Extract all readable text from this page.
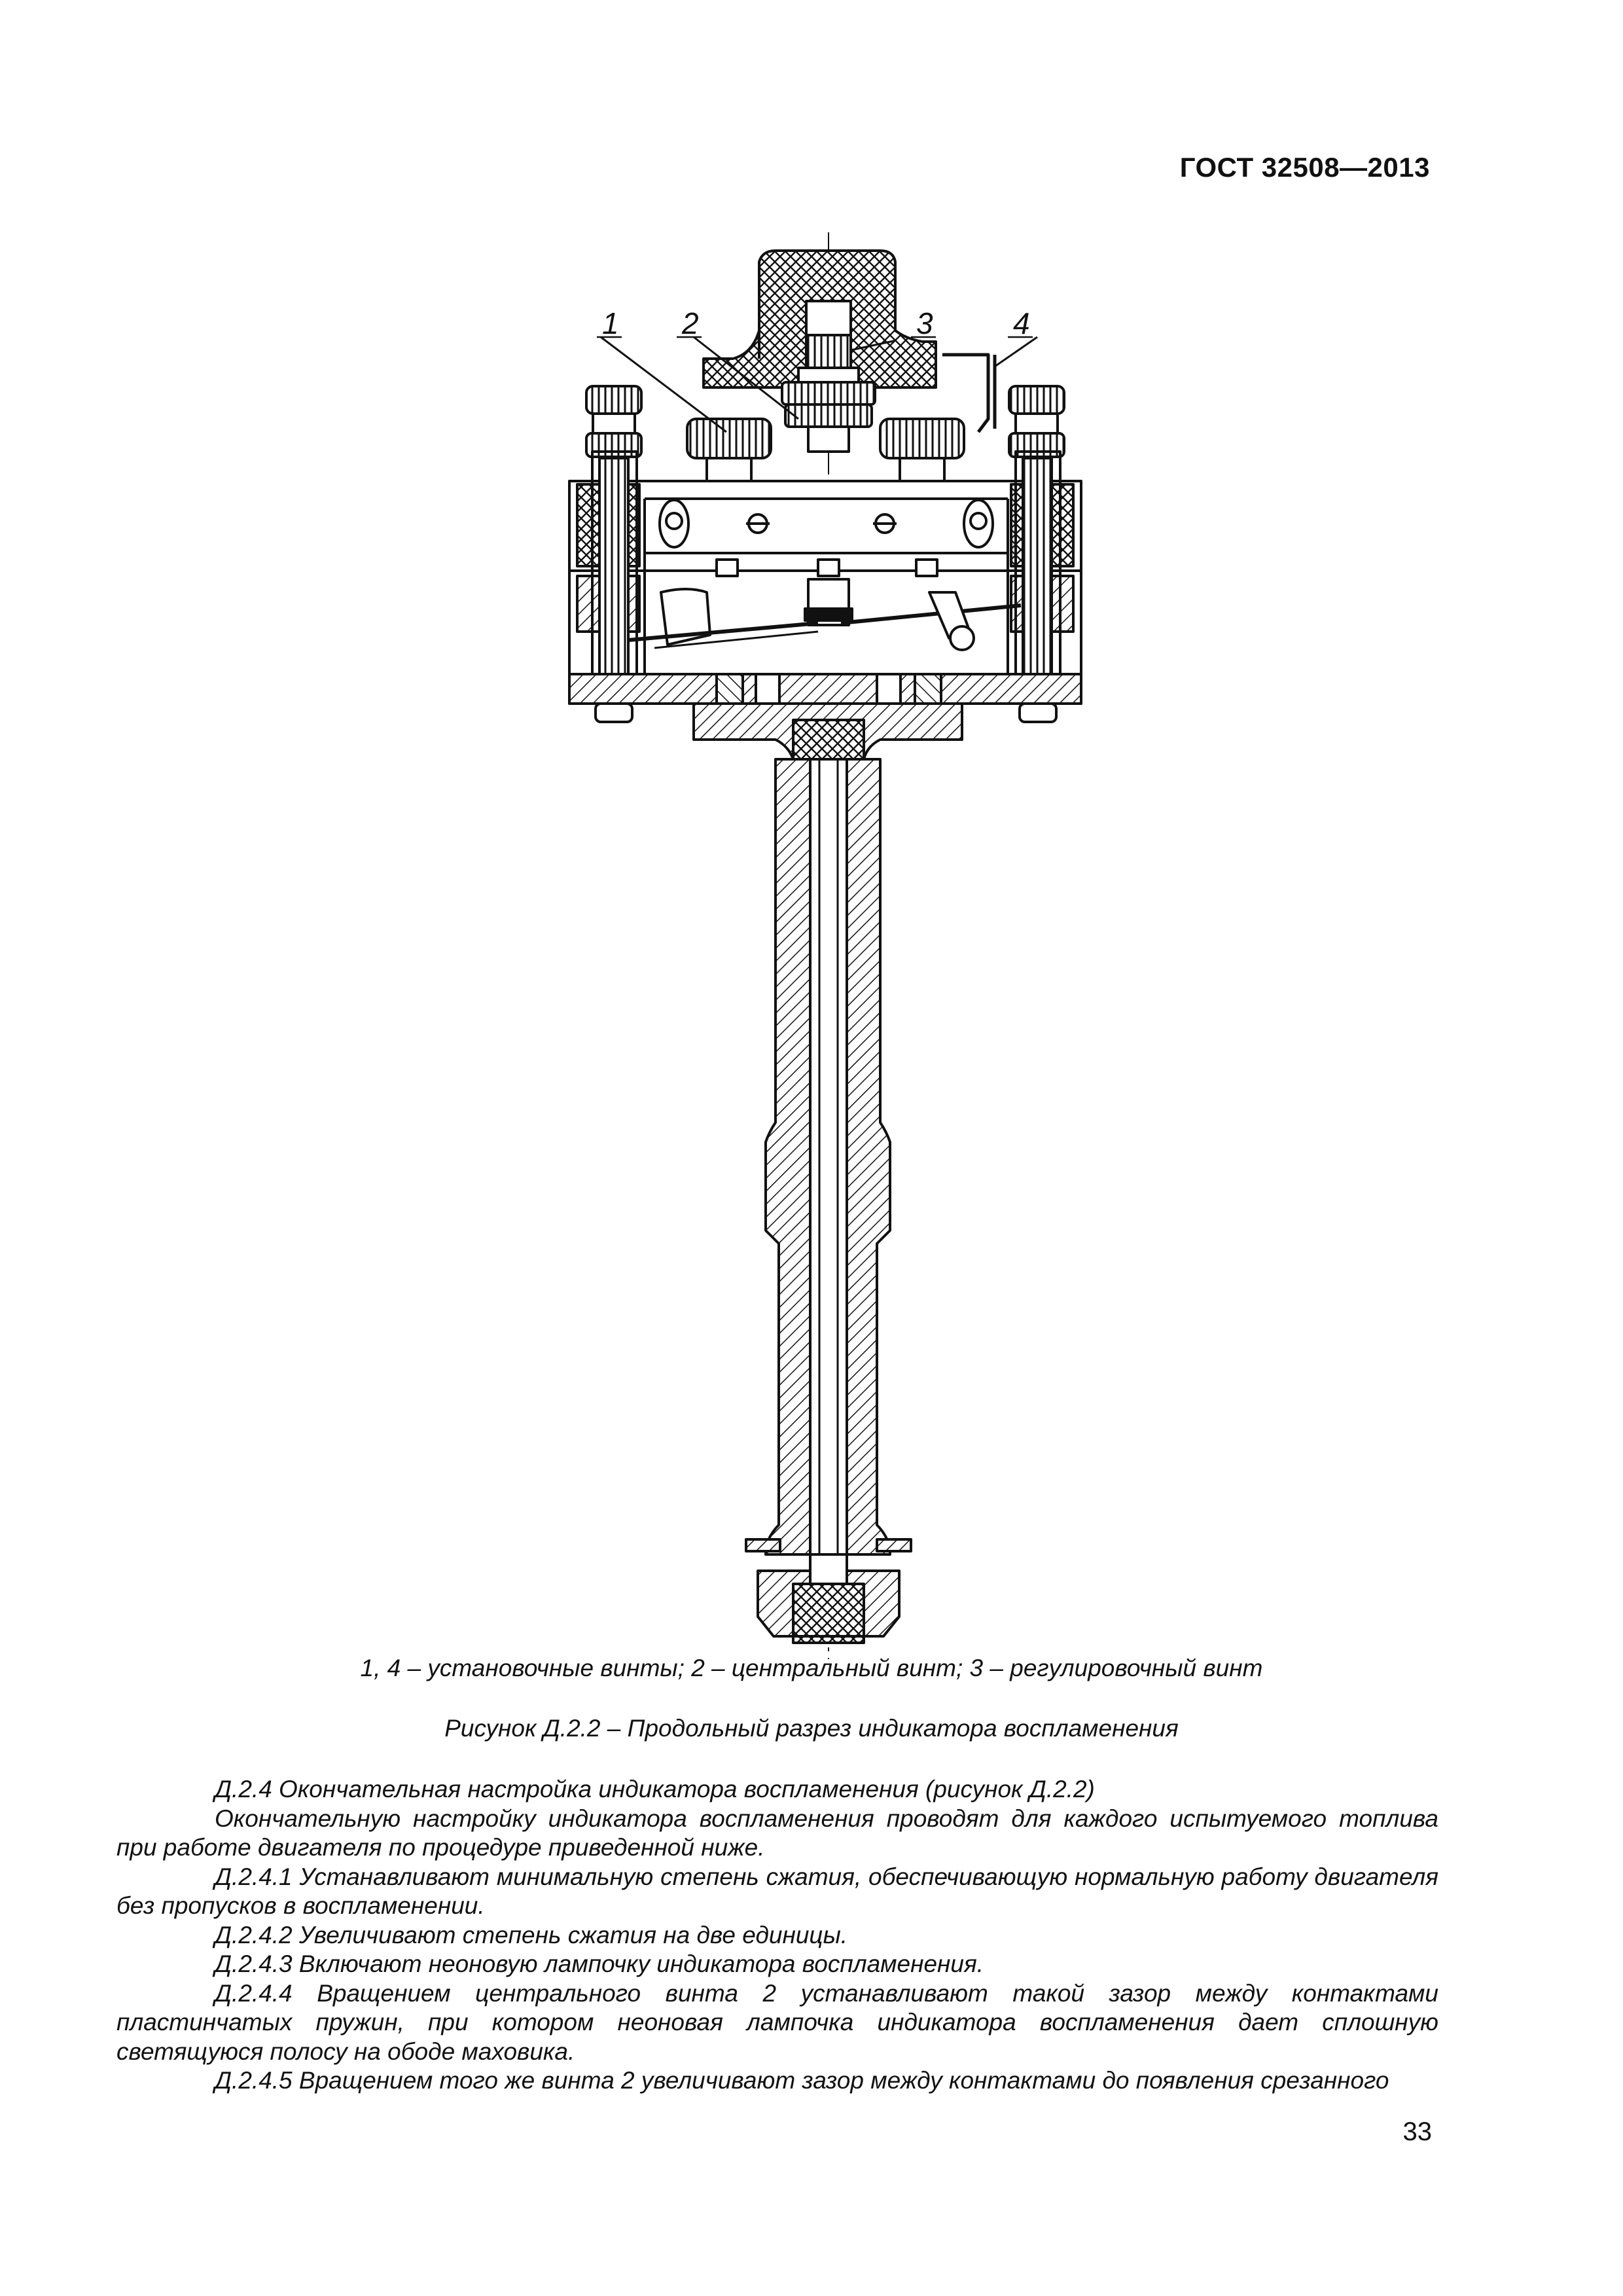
ГОСТ 32508—2013
1 2	3	4
1, 4 – установочные винты; 2 – центральный винт; 3 – регулировочный винт
Рисунок Д.2.2 – Продольный разрез индикатора воспламенения

Д.2.4 Окончательная настройка индикатора воспламенения (рисунок Д.2.2)

Окончательную настройку индикатора воспламенения проводят для каждого испытуемого топлива при работе двигателя по процедуре приведенной ниже.

Д.2.4.1 Устанавливают минимальную степень сжатия, обеспечивающую нормальную работу двигателя без пропусков в воспламенении.

Д.2.4.2 Увеличивают степень сжатия на две единицы.

Д.2.4.3 Включают неоновую лампочку индикатора воспламенения.

Д.2.4.4 Вращением центрального винта 2 устанавливают такой зазор между контактами пластинчатых пружин, при котором неоновая лампочка индикатора воспламенения дает сплошную светящуюся полосу на ободе маховика.

Д.2.4.5 Вращением того же винта 2 увеличивают зазор между контактами до появления срезанного

33
